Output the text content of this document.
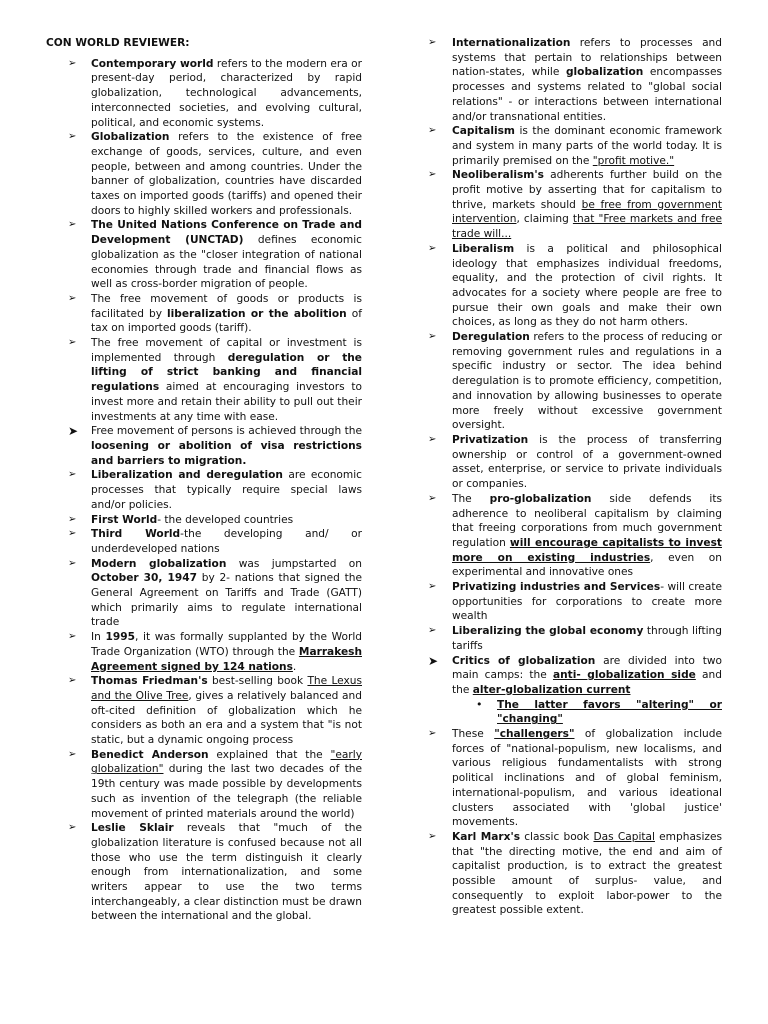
CON WORLD REVIEWER:
➢ Contemporary world refers to the modern era or present-day period, characterized by rapid globalization, technological advancements, interconnected societies, and evolving cultural, political, and economic systems.
➢ Globalization refers to the existence of free exchange of goods, services, culture, and even people, between and among countries. Under the banner of globalization, countries have discarded taxes on imported goods (tariffs) and opened their doors to highly skilled workers and professionals.
➢ The United Nations Conference on Trade and Development (UNCTAD) defines economic globalization as the "closer integration of national economies through trade and financial flows as well as cross-border migration of people.
➢ The free movement of goods or products is facilitated by liberalization or the abolition of tax on imported goods (tariff).
➢ The free movement of capital or investment is implemented through deregulation or the lifting of strict banking and financial regulations aimed at encouraging investors to invest more and retain their ability to pull out their investments at any time with ease.
➤ Free movement of persons is achieved through the loosening or abolition of visa restrictions and barriers to migration.
➢ Liberalization and deregulation are economic processes that typically require special laws and/or policies.
➢ First World- the developed countries
➢ Third World-the developing and/ or underdeveloped nations
➢ Modern globalization was jumpstarted on October 30, 1947 by 2- nations that signed the General Agreement on Tariffs and Trade (GATT) which primarily aims to regulate international trade
➢ In 1995, it was formally supplanted by the World Trade Organization (WTO) through the Marrakesh Agreement signed by 124 nations.
➢ Thomas Friedman's best-selling book The Lexus and the Olive Tree, gives a relatively balanced and oft-cited definition of globalization which he considers as both an era and a system that "is not static, but a dynamic ongoing process
➢ Benedict Anderson explained that the "early globalization" during the last two decades of the 19th century was made possible by developments such as invention of the telegraph (the reliable movement of printed materials around the world)
➢ Leslie Sklair reveals that "much of the globalization literature is confused because not all those who use the term distinguish it clearly enough from internationalization, and some writers appear to use the two terms interchangeably, a clear distinction must be drawn between the international and the global.
➢ Internationalization refers to processes and systems that pertain to relationships between nation-states, while globalization encompasses processes and systems related to "global social relations" - or interactions between international and/or transnational entities.
➢ Capitalism is the dominant economic framework and system in many parts of the world today. It is primarily premised on the "profit motive."
➢ Neoliberalism's adherents further build on the profit motive by asserting that for capitalism to thrive, markets should be free from government intervention, claiming that "Free markets and free trade will...
➢ Liberalism is a political and philosophical ideology that emphasizes individual freedoms, equality, and the protection of civil rights. It advocates for a society where people are free to pursue their own goals and make their own choices, as long as they do not harm others.
➢ Deregulation refers to the process of reducing or removing government rules and regulations in a specific industry or sector. The idea behind deregulation is to promote efficiency, competition, and innovation by allowing businesses to operate more freely without excessive government oversight.
➢ Privatization is the process of transferring ownership or control of a government-owned asset, enterprise, or service to private individuals or companies.
➢ The pro-globalization side defends its adherence to neoliberal capitalism by claiming that freeing corporations from much government regulation will encourage capitalists to invest more on existing industries, even on experimental and innovative ones
➢ Privatizing industries and Services- will create opportunities for corporations to create more wealth
➢ Liberalizing the global economy through lifting tariffs
➤ Critics of globalization are divided into two main camps: the anti- globalization side and the alter-globalization current
• The latter favors "altering" or "changing"
➢ These "challengers" of globalization include forces of "national-populism, new localisms, and various religious fundamentalists with strong political inclinations and of global feminism, international-populism, and various ideational clusters associated with 'global justice' movements.
➢ Karl Marx's classic book Das Capital emphasizes that "the directing motive, the end and aim of capitalist production, is to extract the greatest possible amount of surplus- value, and consequently to exploit labor-power to the greatest possible extent.
